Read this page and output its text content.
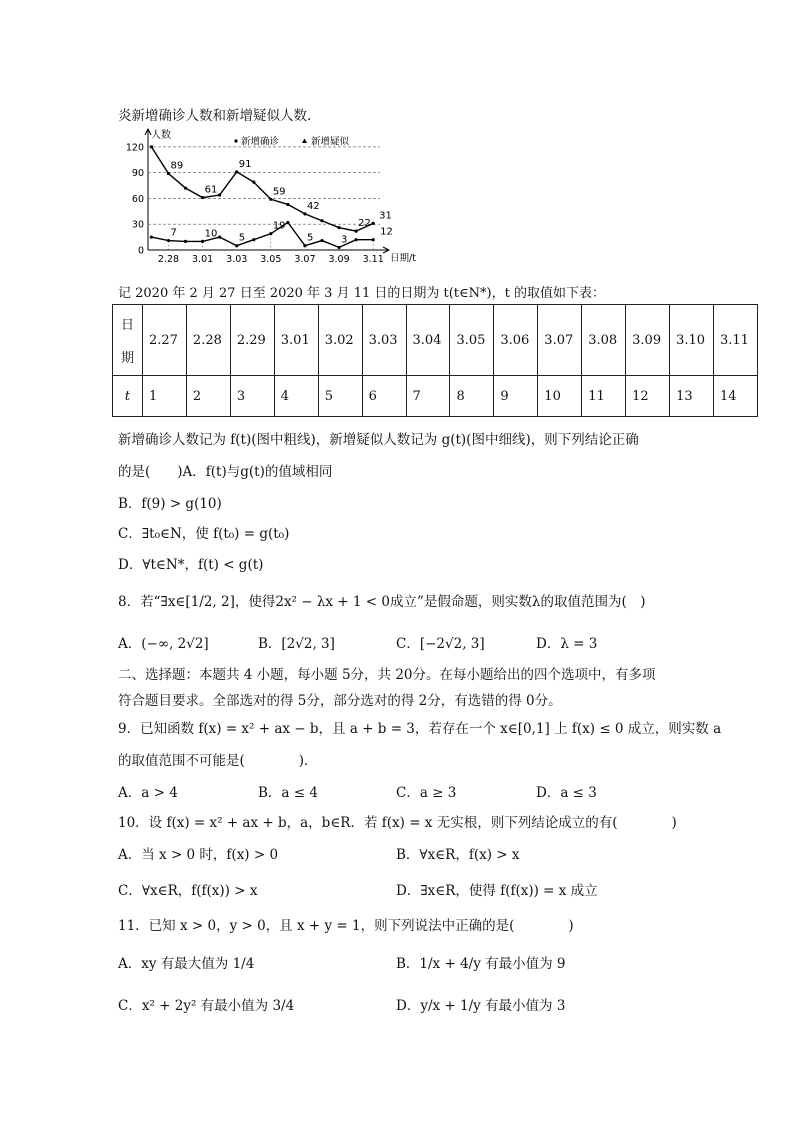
炎新增确诊人数和新增疑似人数.
人数
日期/t
0
30
60
90
120
2.28 3.01 3.03 3.05 3.07 3.09 3.11
89
61
91
59
42
22
31
7	10 5
19
5	3
12
新增确诊	新增疑似
记 2020 年 2 月 27 日至 2020 年 3 月 11 日的日期为 t(t∈N*)，t 的取值如下表：
日
期	2.27	2.28	2.29	3.01	3.02	3.03	3.04	3.05	3.06	3.07	3.08	3.09	3.10	3.11
t	1	2	3	4	5	6	7	8	9	10	11	12	13	14
新增确诊人数记为 f(t)(图中粗线)，新增疑似人数记为 g(t)(图中细线)，则下列结论正确
的是(　　)A．f(t)与g(t)的值域相同
B．f(9) > g(10)
C．∃t₀∈N，使 f(t₀) = g(t₀)
D．∀t∈N*，f(t) < g(t)
8．若“∃x∈[1/2, 2]，使得2x² − λx + 1 < 0成立”是假命题，则实数λ的取值范围为(　)
A．(−∞, 2√2]	B．[2√2, 3]	C．[−2√2, 3]	D．λ = 3
二、选择题：本题共 4 小题，每小题 5分，共 20分。在每小题给出的四个选项中，有多项
符合题目要求。全部选对的得 5分，部分选对的得 2分，有选错的得 0分。
9．已知函数 f(x) = x² + ax − b，且 a + b = 3，若存在一个 x∈[0,1] 上 f(x) ≤ 0 成立，则实数 a
的取值范围不可能是(　　　　)．
A．a > 4	B．a ≤ 4	C．a ≥ 3	D．a ≤ 3
10．设 f(x) = x² + ax + b，a，b∈R．若 f(x) = x 无实根，则下列结论成立的有(　　　　)
A．当 x > 0 时，f(x) > 0	B．∀x∈R，f(x) > x
C．∀x∈R，f(f(x)) > x	D．∃x∈R，使得 f(f(x)) = x 成立
11．已知 x > 0，y > 0，且 x + y = 1，则下列说法中正确的是(　　　　)
A．xy 有最大值为 1/4	B．1/x + 4/y 有最小值为 9
C．x² + 2y² 有最小值为 3/4	D．y/x + 1/y 有最小值为 3
